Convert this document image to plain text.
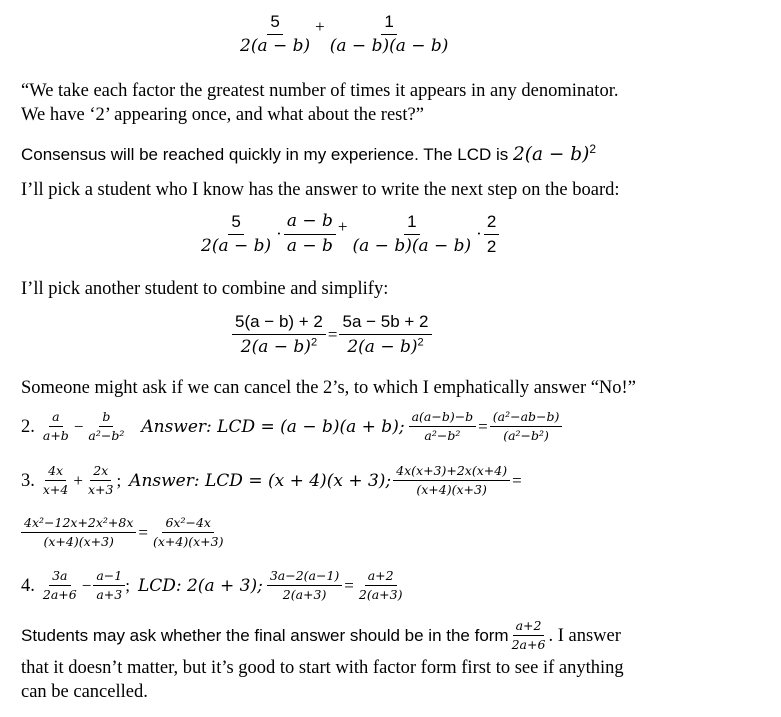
$\frac{5}{2(a - b)} + \frac{1}{(a - b)(a - b)}$
“We take each factor the greatest number of times it appears in any denominator.
We have ‘2’ appearing once, and what about the rest?”
Consensus will be reached quickly in my experience. The LCD is $2(a - b)^2$
I’ll pick a student who I know has the answer to write the next step on the board:
$\frac{5}{2(a - b)} \cdot \frac{a - b}{a - b} + \frac{1}{(a - b)(a - b)} \cdot \frac{2}{2}$
I’ll pick another student to combine and simplify:
$\frac{5(a - b) + 2}{2(a - b)^2} = \frac{5a - 5b + 2}{2(a - b)^2}$
Someone might ask if we can cancel the 2’s, to which I emphatically answer “No!”
2. $\frac{a}{a+b} - \frac{b}{\text{a²−b²}}$ Answer: LCD = (a − b)(a + b); $\frac{a(a-b)-b}{\text{a²−b²}} = \frac{\text{(a²−ab−b)}}{\text{(a²−b²)}}$
3. $\frac{4x}{x+4} + \frac{2x}{x+3}$ ; Answer: LCD = (x + 4)(x + 3); $\frac{4x(x+3)+2x(x+4)}{(x+4)(x+3)}$ =
$\frac{\text{4x²−12x+2x²+8x}}{(x+4)(x+3)} = \frac{\text{6x²−4x}}{(x+4)(x+3)}$
4. $\frac{3a}{2a+6} - \frac{a-1}{a+3}$ ; LCD: 2(a + 3); $\frac{3a-2(a-1)}{2(a+3)} = \frac{a+2}{2(a+3)}$
Students may ask whether the final answer should be in the form $\frac{a+2}{2a+6}$ . I answer
that it doesn’t matter, but it’s good to start with factor form first to see if anything
can be cancelled.
